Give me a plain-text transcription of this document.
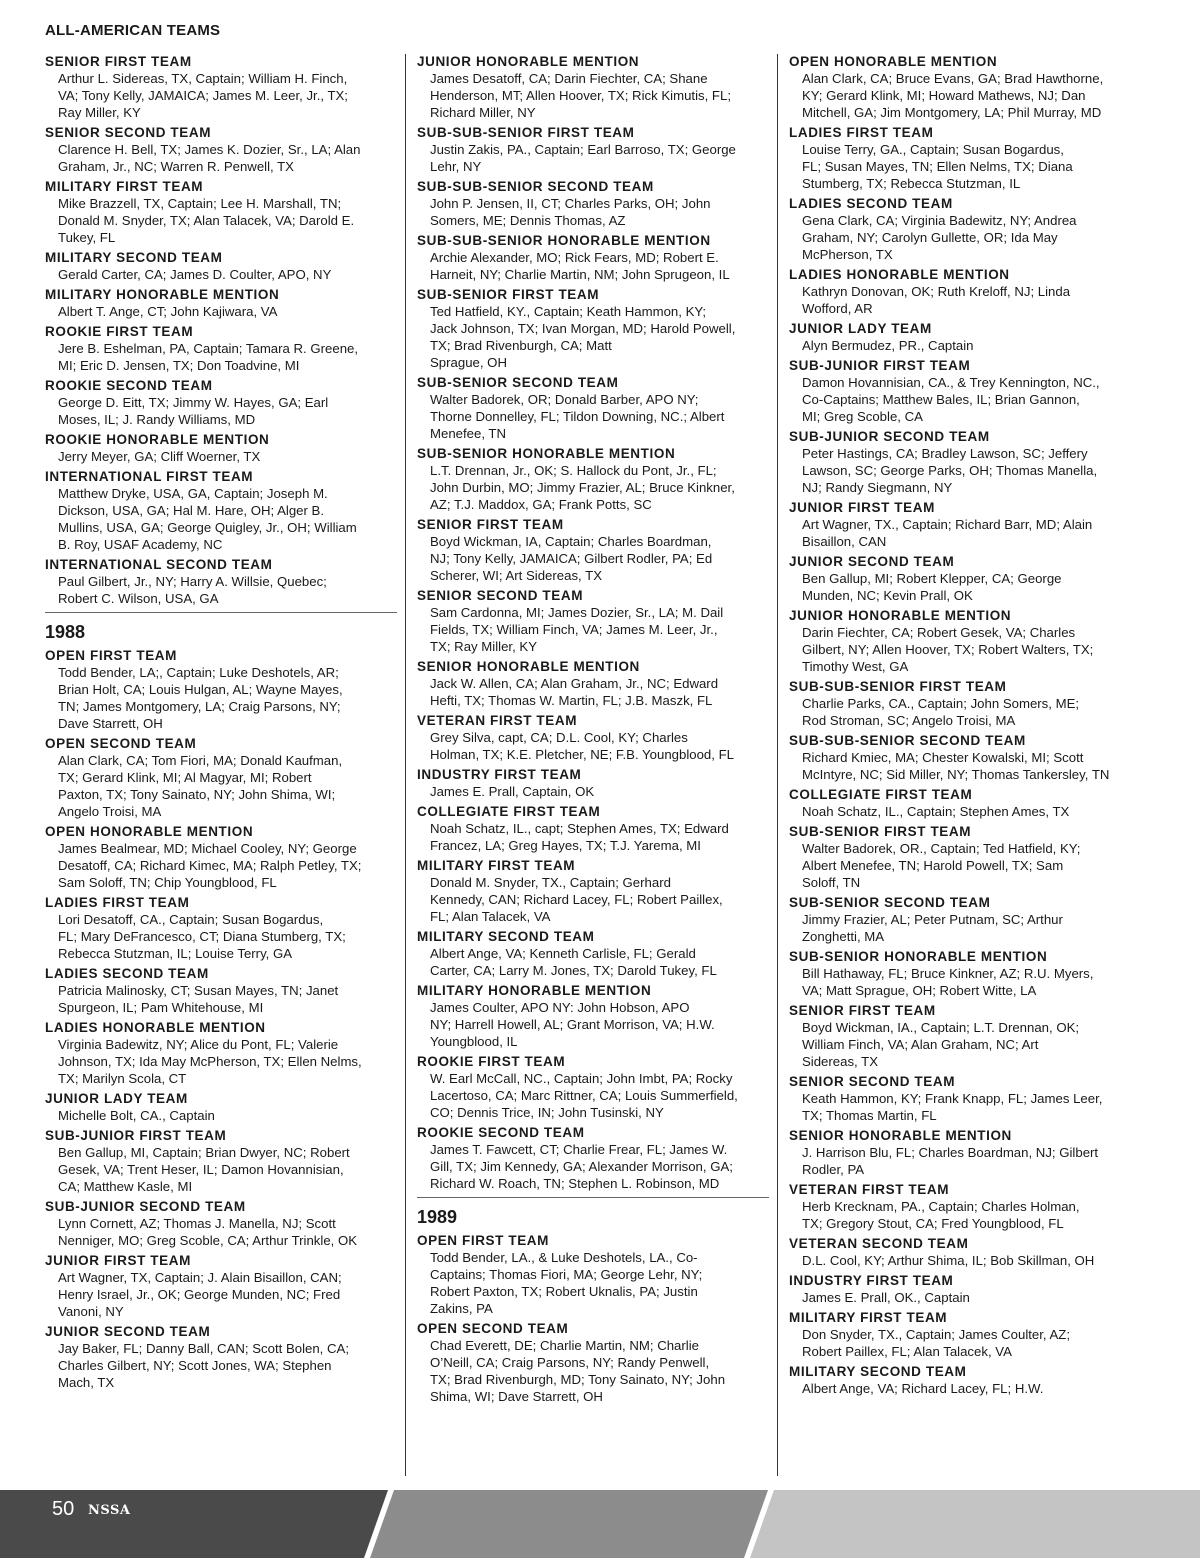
ALL-AMERICAN TEAMS
SENIOR FIRST TEAM
Arthur L. Sidereas, TX, Captain; William H. Finch,
VA; Tony Kelly, JAMAICA; James M. Leer, Jr., TX;
Ray Miller, KY
SENIOR SECOND TEAM
Clarence H. Bell, TX; James K. Dozier, Sr., LA; Alan
Graham, Jr., NC; Warren R. Penwell, TX
MILITARY FIRST TEAM
Mike Brazzell, TX, Captain; Lee H. Marshall, TN;
Donald M. Snyder, TX; Alan Talacek, VA; Darold E.
Tukey, FL
MILITARY SECOND TEAM
Gerald Carter, CA; James D. Coulter, APO, NY
MILITARY HONORABLE MENTION
Albert T. Ange, CT; John Kajiwara, VA
ROOKIE FIRST TEAM
Jere B. Eshelman, PA, Captain; Tamara R. Greene,
MI; Eric D. Jensen, TX; Don Toadvine, MI
ROOKIE SECOND TEAM
George D. Eitt, TX; Jimmy W. Hayes, GA; Earl
Moses, IL; J. Randy Williams, MD
ROOKIE HONORABLE MENTION
Jerry Meyer, GA; Cliff Woerner, TX
INTERNATIONAL FIRST TEAM
Matthew Dryke, USA, GA, Captain; Joseph M.
Dickson, USA, GA; Hal M. Hare, OH; Alger B.
Mullins, USA, GA; George Quigley, Jr., OH; William
B. Roy, USAF Academy, NC
INTERNATIONAL SECOND TEAM
Paul Gilbert, Jr., NY; Harry A. Willsie, Quebec;
Robert C. Wilson, USA, GA
1988
OPEN FIRST TEAM
Todd Bender, LA;, Captain; Luke Deshotels, AR;
Brian Holt, CA; Louis Hulgan, AL; Wayne Mayes,
TN; James Montgomery, LA; Craig Parsons, NY;
Dave Starrett, OH
OPEN SECOND TEAM
Alan Clark, CA; Tom Fiori, MA; Donald Kaufman,
TX; Gerard Klink, MI; Al Magyar, MI; Robert
Paxton, TX; Tony Sainato, NY; John Shima, WI;
Angelo Troisi, MA
OPEN HONORABLE MENTION
James Bealmear, MD; Michael Cooley, NY; George
Desatoff, CA; Richard Kimec, MA; Ralph Petley, TX;
Sam Soloff, TN; Chip Youngblood, FL
LADIES FIRST TEAM
Lori Desatoff, CA., Captain; Susan Bogardus,
FL; Mary DeFrancesco, CT; Diana Stumberg, TX;
Rebecca Stutzman, IL; Louise Terry, GA
LADIES SECOND TEAM
Patricia Malinosky, CT; Susan Mayes, TN; Janet
Spurgeon, IL; Pam Whitehouse, MI
LADIES HONORABLE MENTION
Virginia Badewitz, NY; Alice du Pont, FL; Valerie
Johnson, TX; Ida May McPherson, TX; Ellen Nelms,
TX; Marilyn Scola, CT
JUNIOR LADY TEAM
Michelle Bolt, CA., Captain
SUB-JUNIOR FIRST TEAM
Ben Gallup, MI, Captain; Brian Dwyer, NC; Robert
Gesek, VA; Trent Heser, IL; Damon Hovannisian,
CA; Matthew Kasle, MI
SUB-JUNIOR SECOND TEAM
Lynn Cornett, AZ; Thomas J. Manella, NJ; Scott
Nenniger, MO; Greg Scoble, CA; Arthur Trinkle, OK
JUNIOR FIRST TEAM
Art Wagner, TX, Captain; J. Alain Bisaillon, CAN;
Henry Israel, Jr., OK; George Munden, NC; Fred
Vanoni, NY
JUNIOR SECOND TEAM
Jay Baker, FL; Danny Ball, CAN; Scott Bolen, CA;
Charles Gilbert, NY; Scott Jones, WA; Stephen
Mach, TX
JUNIOR HONORABLE MENTION
James Desatoff, CA; Darin Fiechter, CA; Shane
Henderson, MT; Allen Hoover, TX; Rick Kimutis, FL;
Richard Miller, NY
SUB-SUB-SENIOR FIRST TEAM
Justin Zakis, PA., Captain; Earl Barroso, TX; George
Lehr, NY
SUB-SUB-SENIOR SECOND TEAM
John P. Jensen, II, CT; Charles Parks, OH; John
Somers, ME; Dennis Thomas, AZ
SUB-SUB-SENIOR HONORABLE MENTION
Archie Alexander, MO; Rick Fears, MD; Robert E.
Harneit, NY; Charlie Martin, NM; John Sprugeon, IL
SUB-SENIOR FIRST TEAM
Ted Hatfield, KY., Captain; Keath Hammon, KY;
Jack Johnson, TX; Ivan Morgan, MD; Harold Powell,
TX; Brad Rivenburgh, CA; Matt
Sprague, OH
SUB-SENIOR SECOND TEAM
Walter Badorek, OR; Donald Barber, APO NY;
Thorne Donnelley, FL; Tildon Downing, NC.; Albert
Menefee, TN
SUB-SENIOR HONORABLE MENTION
L.T. Drennan, Jr., OK; S. Hallock du Pont, Jr., FL;
John Durbin, MO; Jimmy Frazier, AL; Bruce Kinkner,
AZ; T.J. Maddox, GA; Frank Potts, SC
SENIOR FIRST TEAM
Boyd Wickman, IA, Captain; Charles Boardman,
NJ; Tony Kelly, JAMAICA; Gilbert Rodler, PA; Ed
Scherer, WI; Art Sidereas, TX
SENIOR SECOND TEAM
Sam Cardonna, MI; James Dozier, Sr., LA; M. Dail
Fields, TX; William Finch, VA; James M. Leer, Jr.,
TX; Ray Miller, KY
SENIOR HONORABLE MENTION
Jack W. Allen, CA; Alan Graham, Jr., NC; Edward
Hefti, TX; Thomas W. Martin, FL; J.B. Maszk, FL
VETERAN FIRST TEAM
Grey Silva, capt, CA; D.L. Cool, KY; Charles
Holman, TX; K.E. Pletcher, NE; F.B. Youngblood, FL
INDUSTRY FIRST TEAM
James E. Prall, Captain, OK
COLLEGIATE FIRST TEAM
Noah Schatz, IL., capt; Stephen Ames, TX; Edward
Francez, LA; Greg Hayes, TX; T.J. Yarema, MI
MILITARY FIRST TEAM
Donald M. Snyder, TX., Captain; Gerhard
Kennedy, CAN; Richard Lacey, FL; Robert Paillex,
FL; Alan Talacek, VA
MILITARY SECOND TEAM
Albert Ange, VA; Kenneth Carlisle, FL; Gerald
Carter, CA; Larry M. Jones, TX; Darold Tukey, FL
MILITARY HONORABLE MENTION
James Coulter, APO NY: John Hobson, APO
NY; Harrell Howell, AL; Grant Morrison, VA; H.W.
Youngblood, IL
ROOKIE FIRST TEAM
W. Earl McCall, NC., Captain; John Imbt, PA; Rocky
Lacertoso, CA; Marc Rittner, CA; Louis Summerfield,
CO; Dennis Trice, IN; John Tusinski, NY
ROOKIE SECOND TEAM
James T. Fawcett, CT; Charlie Frear, FL; James W.
Gill, TX; Jim Kennedy, GA; Alexander Morrison, GA;
Richard W. Roach, TN; Stephen L. Robinson, MD
1989
OPEN FIRST TEAM
Todd Bender, LA., & Luke Deshotels, LA., Co-
Captains; Thomas Fiori, MA; George Lehr, NY;
Robert Paxton, TX; Robert Uknalis, PA; Justin
Zakins, PA
OPEN SECOND TEAM
Chad Everett, DE; Charlie Martin, NM; Charlie
O’Neill, CA; Craig Parsons, NY; Randy Penwell,
TX; Brad Rivenburgh, MD; Tony Sainato, NY; John
Shima, WI; Dave Starrett, OH
OPEN HONORABLE MENTION
Alan Clark, CA; Bruce Evans, GA; Brad Hawthorne,
KY; Gerard Klink, MI; Howard Mathews, NJ; Dan
Mitchell, GA; Jim Montgomery, LA; Phil Murray, MD
LADIES FIRST TEAM
Louise Terry, GA., Captain; Susan Bogardus,
FL; Susan Mayes, TN; Ellen Nelms, TX; Diana
Stumberg, TX; Rebecca Stutzman, IL
LADIES SECOND TEAM
Gena Clark, CA; Virginia Badewitz, NY; Andrea
Graham, NY; Carolyn Gullette, OR; Ida May
McPherson, TX
LADIES HONORABLE MENTION
Kathryn Donovan, OK; Ruth Kreloff, NJ; Linda
Wofford, AR
JUNIOR LADY TEAM
Alyn Bermudez, PR., Captain
SUB-JUNIOR FIRST TEAM
Damon Hovannisian, CA., & Trey Kennington, NC.,
Co-Captains; Matthew Bales, IL; Brian Gannon,
MI; Greg Scoble, CA
SUB-JUNIOR SECOND TEAM
Peter Hastings, CA; Bradley Lawson, SC; Jeffery
Lawson, SC; George Parks, OH; Thomas Manella,
NJ; Randy Siegmann, NY
JUNIOR FIRST TEAM
Art Wagner, TX., Captain; Richard Barr, MD; Alain
Bisaillon, CAN
JUNIOR SECOND TEAM
Ben Gallup, MI; Robert Klepper, CA; George
Munden, NC; Kevin Prall, OK
JUNIOR HONORABLE MENTION
Darin Fiechter, CA; Robert Gesek, VA; Charles
Gilbert, NY; Allen Hoover, TX; Robert Walters, TX;
Timothy West, GA
SUB-SUB-SENIOR FIRST TEAM
Charlie Parks, CA., Captain; John Somers, ME;
Rod Stroman, SC; Angelo Troisi, MA
SUB-SUB-SENIOR SECOND TEAM
Richard Kmiec, MA; Chester Kowalski, MI; Scott
McIntyre, NC; Sid Miller, NY; Thomas Tankersley, TN
COLLEGIATE FIRST TEAM
Noah Schatz, IL., Captain; Stephen Ames, TX
SUB-SENIOR FIRST TEAM
Walter Badorek, OR., Captain; Ted Hatfield, KY;
Albert Menefee, TN; Harold Powell, TX; Sam
Soloff, TN
SUB-SENIOR SECOND TEAM
Jimmy Frazier, AL; Peter Putnam, SC; Arthur
Zonghetti, MA
SUB-SENIOR HONORABLE MENTION
Bill Hathaway, FL; Bruce Kinkner, AZ; R.U. Myers,
VA; Matt Sprague, OH; Robert Witte, LA
SENIOR FIRST TEAM
Boyd Wickman, IA., Captain; L.T. Drennan, OK;
William Finch, VA; Alan Graham, NC; Art
Sidereas, TX
SENIOR SECOND TEAM
Keath Hammon, KY; Frank Knapp, FL; James Leer,
TX; Thomas Martin, FL
SENIOR HONORABLE MENTION
J. Harrison Blu, FL; Charles Boardman, NJ; Gilbert
Rodler, PA
VETERAN FIRST TEAM
Herb Krecknam, PA., Captain; Charles Holman,
TX; Gregory Stout, CA; Fred Youngblood, FL
VETERAN SECOND TEAM
D.L. Cool, KY; Arthur Shima, IL; Bob Skillman, OH
INDUSTRY FIRST TEAM
James E. Prall, OK., Captain
MILITARY FIRST TEAM
Don Snyder, TX., Captain; James Coulter, AZ;
Robert Paillex, FL; Alan Talacek, VA
MILITARY SECOND TEAM
Albert Ange, VA; Richard Lacey, FL; H.W.
50 NSSA
